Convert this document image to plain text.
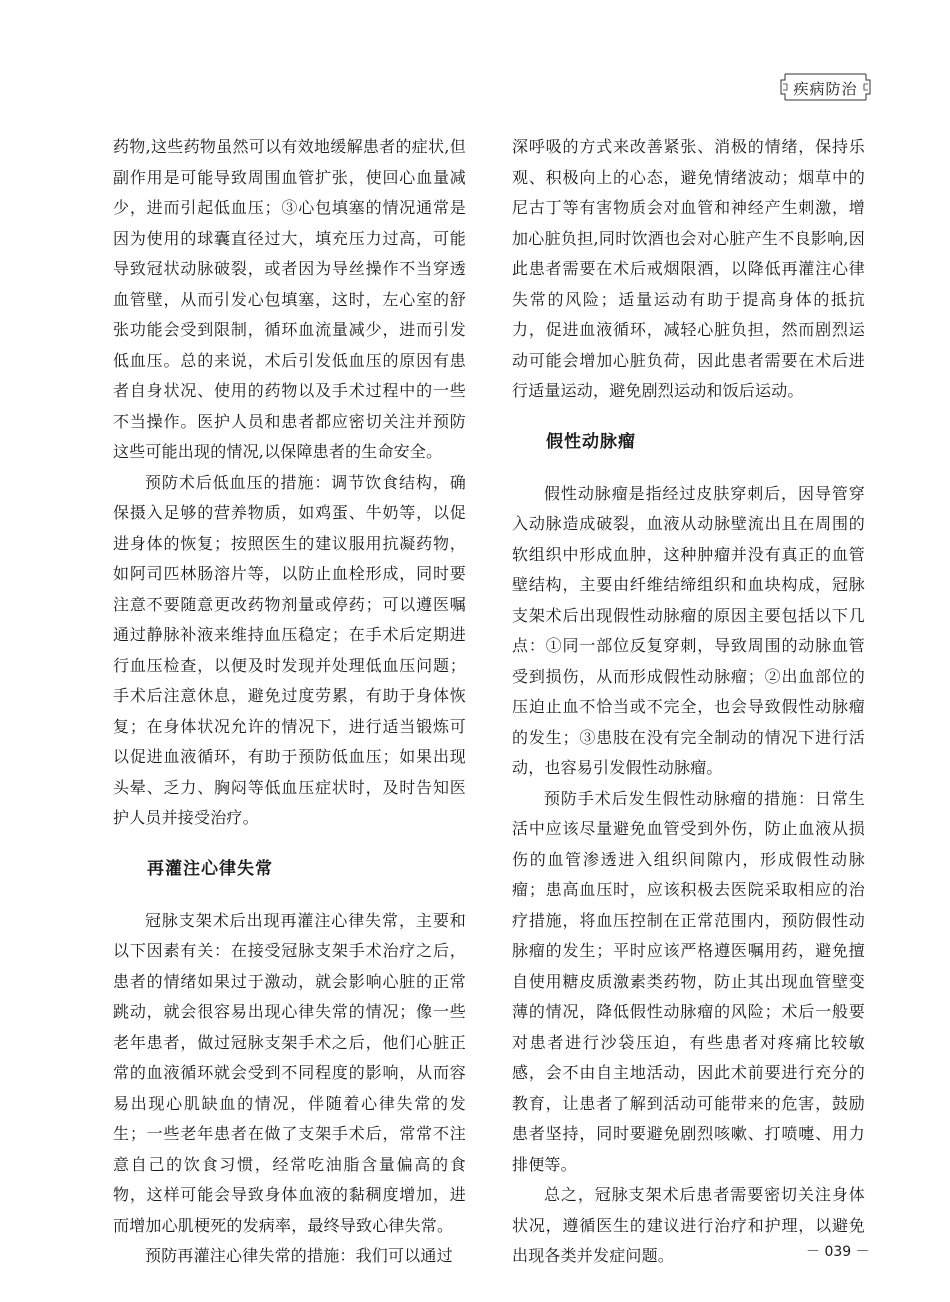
疾病防治

药物,这些药物虽然可以有效地缓解患者的症状,但副作用是可能导致周围血管扩张，使回心血量减少，进而引起低血压；③心包填塞的情况通常是因为使用的球囊直径过大，填充压力过高，可能导致冠状动脉破裂，或者因为导丝操作不当穿透血管壁，从而引发心包填塞，这时，左心室的舒张功能会受到限制，循环血流量减少，进而引发低血压。总的来说，术后引发低血压的原因有患者自身状况、使用的药物以及手术过程中的一些不当操作。医护人员和患者都应密切关注并预防这些可能出现的情况,以保障患者的生命安全。

预防术后低血压的措施：调节饮食结构，确保摄入足够的营养物质，如鸡蛋、牛奶等，以促进身体的恢复；按照医生的建议服用抗凝药物，如阿司匹林肠溶片等，以防止血栓形成，同时要注意不要随意更改药物剂量或停药；可以遵医嘱通过静脉补液来维持血压稳定；在手术后定期进行血压检查，以便及时发现并处理低血压问题；手术后注意休息，避免过度劳累，有助于身体恢复；在身体状况允许的情况下，进行适当锻炼可以促进血液循环，有助于预防低血压；如果出现头晕、乏力、胸闷等低血压症状时，及时告知医护人员并接受治疗。

再灌注心律失常

冠脉支架术后出现再灌注心律失常，主要和以下因素有关：在接受冠脉支架手术治疗之后，患者的情绪如果过于激动，就会影响心脏的正常跳动，就会很容易出现心律失常的情况；像一些老年患者，做过冠脉支架手术之后，他们心脏正常的血液循环就会受到不同程度的影响，从而容易出现心肌缺血的情况，伴随着心律失常的发生；一些老年患者在做了支架手术后，常常不注意自己的饮食习惯，经常吃油脂含量偏高的食物，这样可能会导致身体血液的黏稠度增加，进而增加心肌梗死的发病率，最终导致心律失常。

预防再灌注心律失常的措施：我们可以通过

深呼吸的方式来改善紧张、消极的情绪，保持乐观、积极向上的心态，避免情绪波动；烟草中的尼古丁等有害物质会对血管和神经产生刺激，增加心脏负担,同时饮酒也会对心脏产生不良影响,因此患者需要在术后戒烟限酒，以降低再灌注心律失常的风险；适量运动有助于提高身体的抵抗力，促进血液循环，减轻心脏负担，然而剧烈运动可能会增加心脏负荷，因此患者需要在术后进行适量运动，避免剧烈运动和饭后运动。

假性动脉瘤

假性动脉瘤是指经过皮肤穿刺后，因导管穿入动脉造成破裂，血液从动脉壁流出且在周围的软组织中形成血肿，这种肿瘤并没有真正的血管壁结构，主要由纤维结缔组织和血块构成，冠脉支架术后出现假性动脉瘤的原因主要包括以下几点：①同一部位反复穿刺，导致周围的动脉血管受到损伤，从而形成假性动脉瘤；②出血部位的压迫止血不恰当或不完全，也会导致假性动脉瘤的发生；③患肢在没有完全制动的情况下进行活动，也容易引发假性动脉瘤。

预防手术后发生假性动脉瘤的措施：日常生活中应该尽量避免血管受到外伤，防止血液从损伤的血管渗透进入组织间隙内，形成假性动脉瘤；患高血压时，应该积极去医院采取相应的治疗措施，将血压控制在正常范围内，预防假性动脉瘤的发生；平时应该严格遵医嘱用药，避免擅自使用糖皮质激素类药物，防止其出现血管壁变薄的情况，降低假性动脉瘤的风险；术后一般要对患者进行沙袋压迫，有些患者对疼痛比较敏感，会不由自主地活动，因此术前要进行充分的教育，让患者了解到活动可能带来的危害，鼓励患者坚持，同时要避免剧烈咳嗽、打喷嚏、用力排便等。

总之，冠脉支架术后患者需要密切关注身体状况，遵循医生的建议进行治疗和护理，以避免出现各类并发症问题。	－ 039 －
